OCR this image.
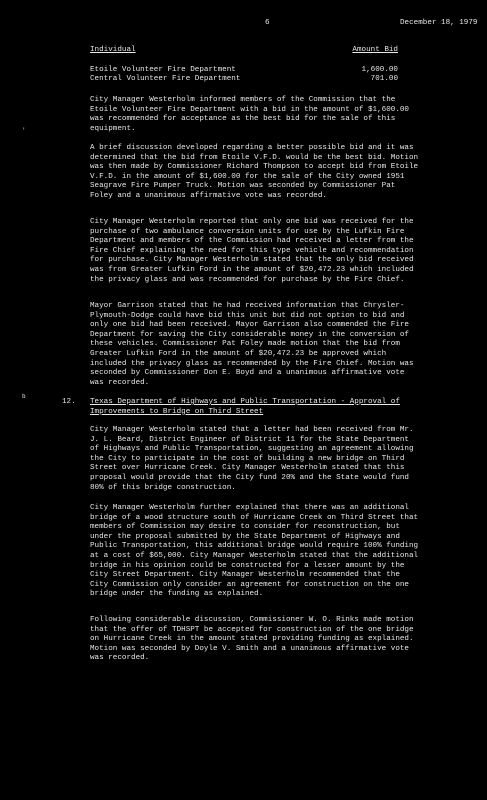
6	December 18, 1979
'
b
Individual	Amount Bid
Etoile Volunteer Fire Department	1,600.00
Central Volunteer Fire Department	701.00
City Manager Westerholm informed members of the Commission that the Etoile Volunteer Fire Department with a bid in the amount of $1,600.00 was recommended for acceptance as the best bid for the sale of this equipment.
A brief discussion developed regarding a better possible bid and it was determined that the bid from Etoile V.F.D. would be the best bid. Motion was then made by Commissioner Richard Thompson to accept bid from Etoile V.F.D. in the amount of $1,600.00 for the sale of the City owned 1951 Seagrave Fire Pumper Truck. Motion was seconded by Commissioner Pat Foley and a unanimous affirmative vote was recorded.
City Manager Westerholm reported that only one bid was received for the purchase of two ambulance conversion units for use by the Lufkin Fire Department and members of the Commission had received a letter from the Fire Chief explaining the need for this type vehicle and recommendation for purchase. City Manager Westerholm stated that the only bid received was from Greater Lufkin Ford in the amount of $20,472.23 which included the privacy glass and was recommended for purchase by the Fire Chief.
Mayor Garrison stated that he had received information that Chrysler-Plymouth-Dodge could have bid this unit but did not option to bid and only one bid had been received. Mayor Garrison also commended the Fire Department for saving the City considerable money in the conversion of these vehicles. Commissioner Pat Foley made motion that the bid from Greater Lufkin Ford in the amount of $20,472.23 be approved which included the privacy glass as recommended by the Fire Chief. Motion was seconded by Commissioner Don E. Boyd and a unanimous affirmative vote was recorded.
12. Texas Department of Highways and Public Transportation - Approval of Improvements to Bridge on Third Street
City Manager Westerholm stated that a letter had been received from Mr. J. L. Beard, District Engineer of District 11 for the State Department of Highways and Public Transportation, suggesting an agreement allowing the City to participate in the cost of building a new bridge on Third Street over Hurricane Creek. City Manager Westerholm stated that this proposal would provide that the City fund 20% and the State would fund 80% of this bridge construction.
City Manager Westerholm further explained that there was an additional bridge of a wood structure south of Hurricane Creek on Third Street that members of Commission may desire to consider for reconstruction, but under the proposal submitted by the State Department of Highways and Public Transportation, this additional bridge would require 100% funding at a cost of $65,000. City Manager Westerholm stated that the additional bridge in his opinion could be constructed for a lesser amount by the City Street Department. City Manager Westerholm recommended that the City Commission only consider an agreement for construction on the one bridge under the funding as explained.
Following considerable discussion, Commissioner W. O. Rinks made motion that the offer of TDHSPT be accepted for construction of the one bridge on Hurricane Creek in the amount stated providing funding as explained. Motion was seconded by Doyle V. Smith and a unanimous affirmative vote was recorded.
